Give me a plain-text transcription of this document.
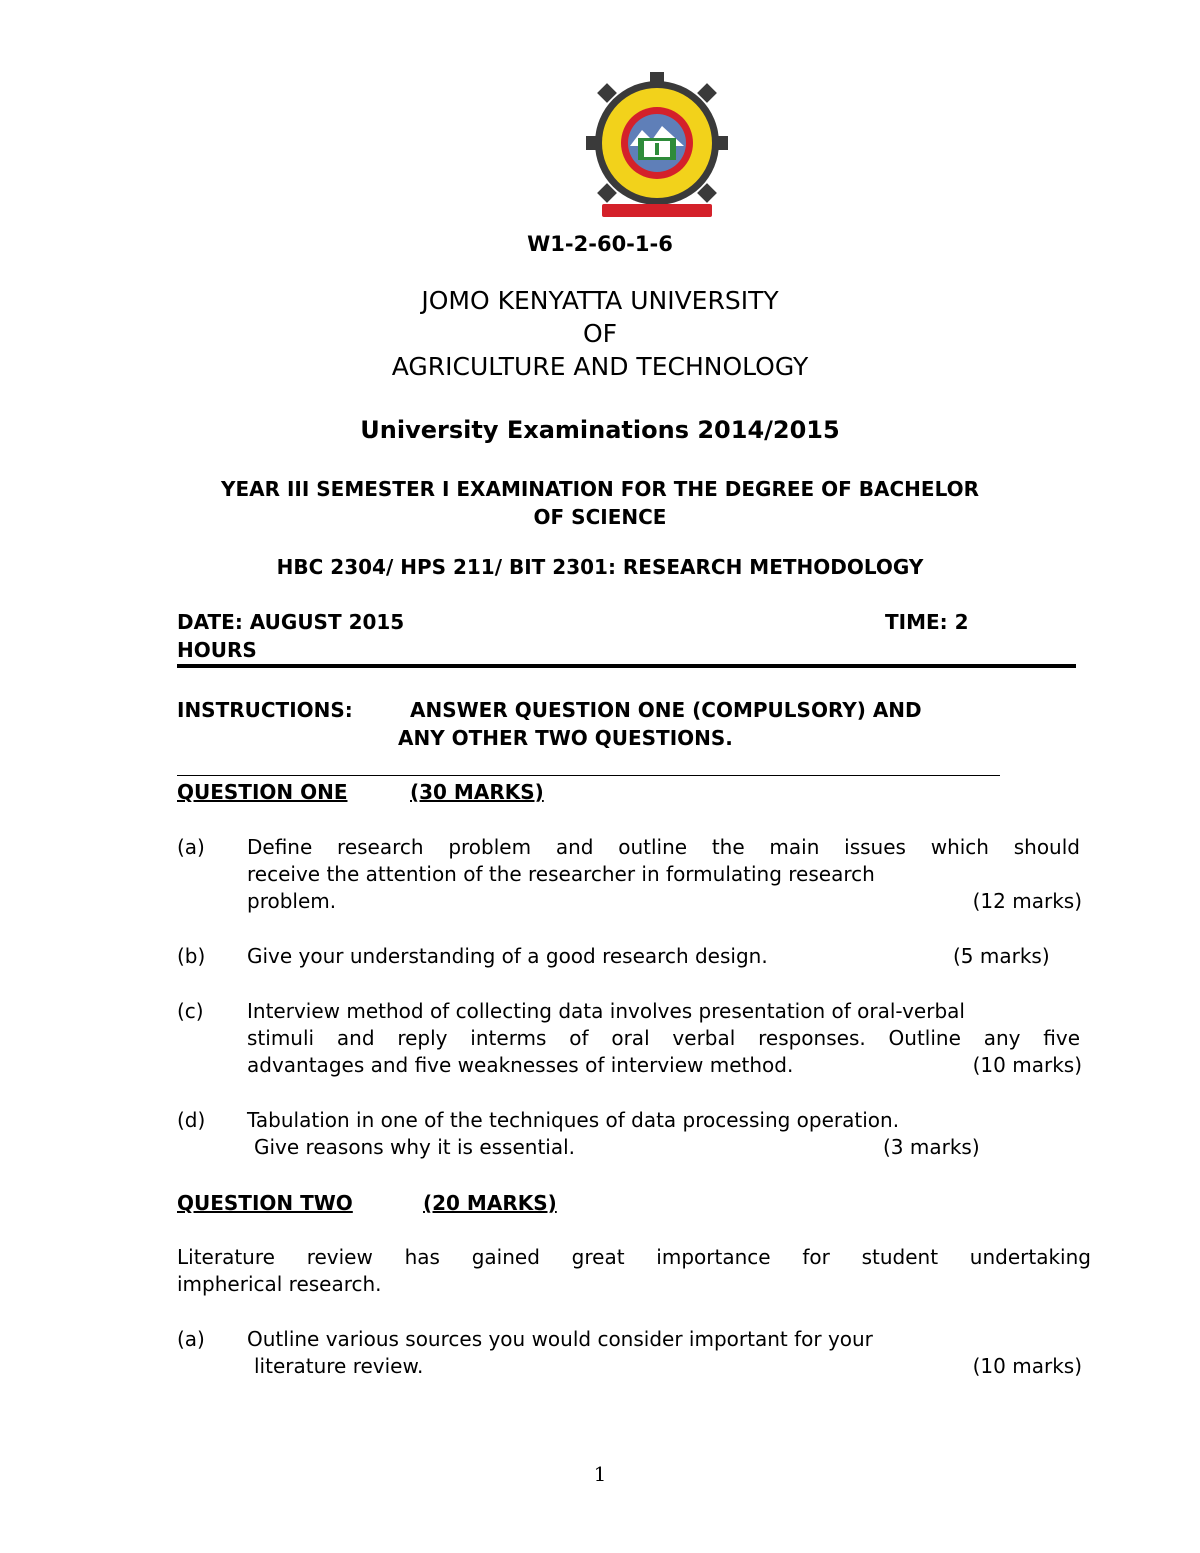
W1-2-60-1-6
JOMO KENYATTA UNIVERSITY
OF
AGRICULTURE AND TECHNOLOGY
University Examinations 2014/2015
YEAR III SEMESTER I EXAMINATION FOR THE DEGREE OF BACHELOR
OF SCIENCE
HBC 2304/ HPS 211/ BIT 2301: RESEARCH METHODOLOGY
DATE: AUGUST 2015	TIME: 2
HOURS
INSTRUCTIONS:	ANSWER QUESTION ONE (COMPULSORY) AND
ANY OTHER TWO QUESTIONS.
QUESTION ONE	(30 MARKS)
(a) Define research problem and outline the main issues which should
receive the attention of the researcher in formulating research
problem.	(12 marks)
(b) Give your understanding of a good research design.	(5 marks)
(c) Interview method of collecting data involves presentation of oral-verbal
stimuli and reply interms of oral verbal responses. Outline any five
advantages and five weaknesses of interview method.	(10 marks)
(d) Tabulation in one of the techniques of data processing operation.
Give reasons why it is essential.	(3 marks)
QUESTION TWO	(20 MARKS)
Literature review has gained great importance for student undertaking
impherical research.
(a) Outline various sources you would consider important for your
literature review.	(10 marks)
1
